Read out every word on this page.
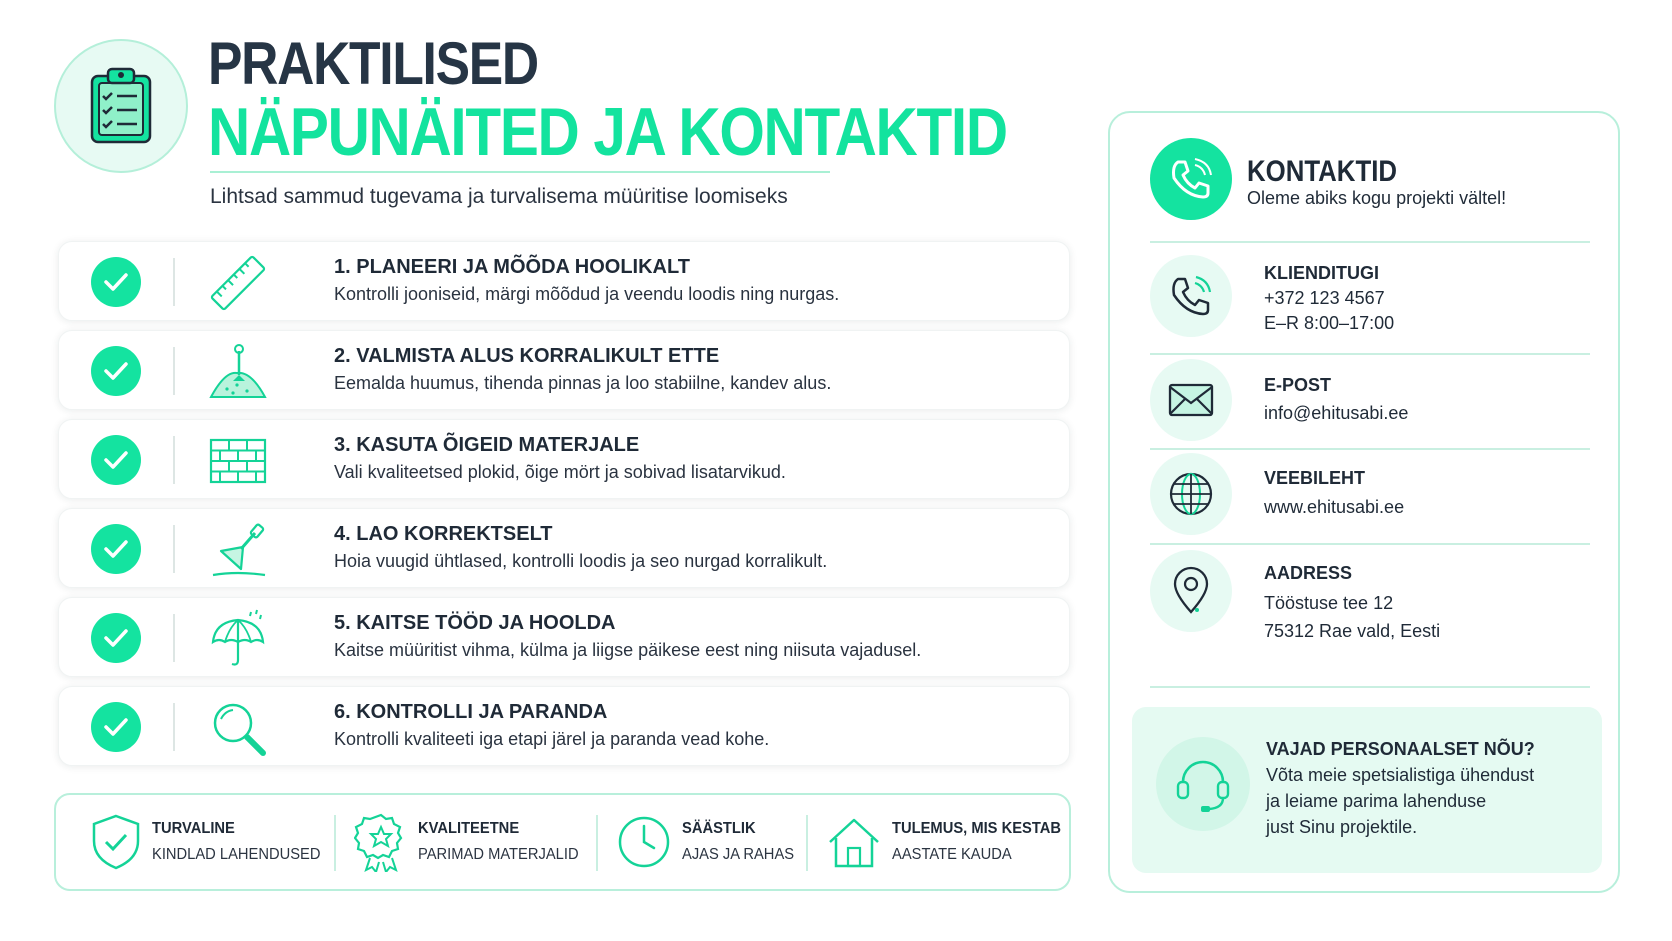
PRAKTILISED
NÄPUNÄITED JA KONTAKTID
Lihtsad sammud tugevama ja turvalisema müüritise loomiseks
1. PLANEERI JA MÕÕDA HOOLIKALT
Kontrolli jooniseid, märgi mõõdud ja veendu loodis ning nurgas.
2. VALMISTA ALUS KORRALIKULT ETTE
Eemalda huumus, tihenda pinnas ja loo stabiilne, kandev alus.
3. KASUTA ÕIGEID MATERJALE
Vali kvaliteetsed plokid, õige mört ja sobivad lisatarvikud.
4. LAO KORREKTSELT
Hoia vuugid ühtlased, kontrolli loodis ja seo nurgad korralikult.
5. KAITSE TÖÖD JA HOOLDA
Kaitse müüritist vihma, külma ja liigse päikese eest ning niisuta vajadusel.
6. KONTROLLI JA PARANDA
Kontrolli kvaliteeti iga etapi järel ja paranda vead kohe.
TURVALINE
KINDLAD LAHENDUSED
KVALITEETNE
PARIMAD MATERJALID
SÄÄSTLIK
AJAS JA RAHAS
TULEMUS, MIS KESTAB
AASTATE KAUDA
KONTAKTID
Oleme abiks kogu projekti vältel!
KLIENDITUGI
+372 123 4567
E–R 8:00–17:00
E-POST
info@ehitusabi.ee
VEEBILEHT
www.ehitusabi.ee
AADRESS
Tööstuse tee 12
75312 Rae vald, Eesti
VAJAD PERSONAALSET NÕU?
Võta meie spetsialistiga ühendust
ja leiame parima lahenduse
just Sinu projektile.
